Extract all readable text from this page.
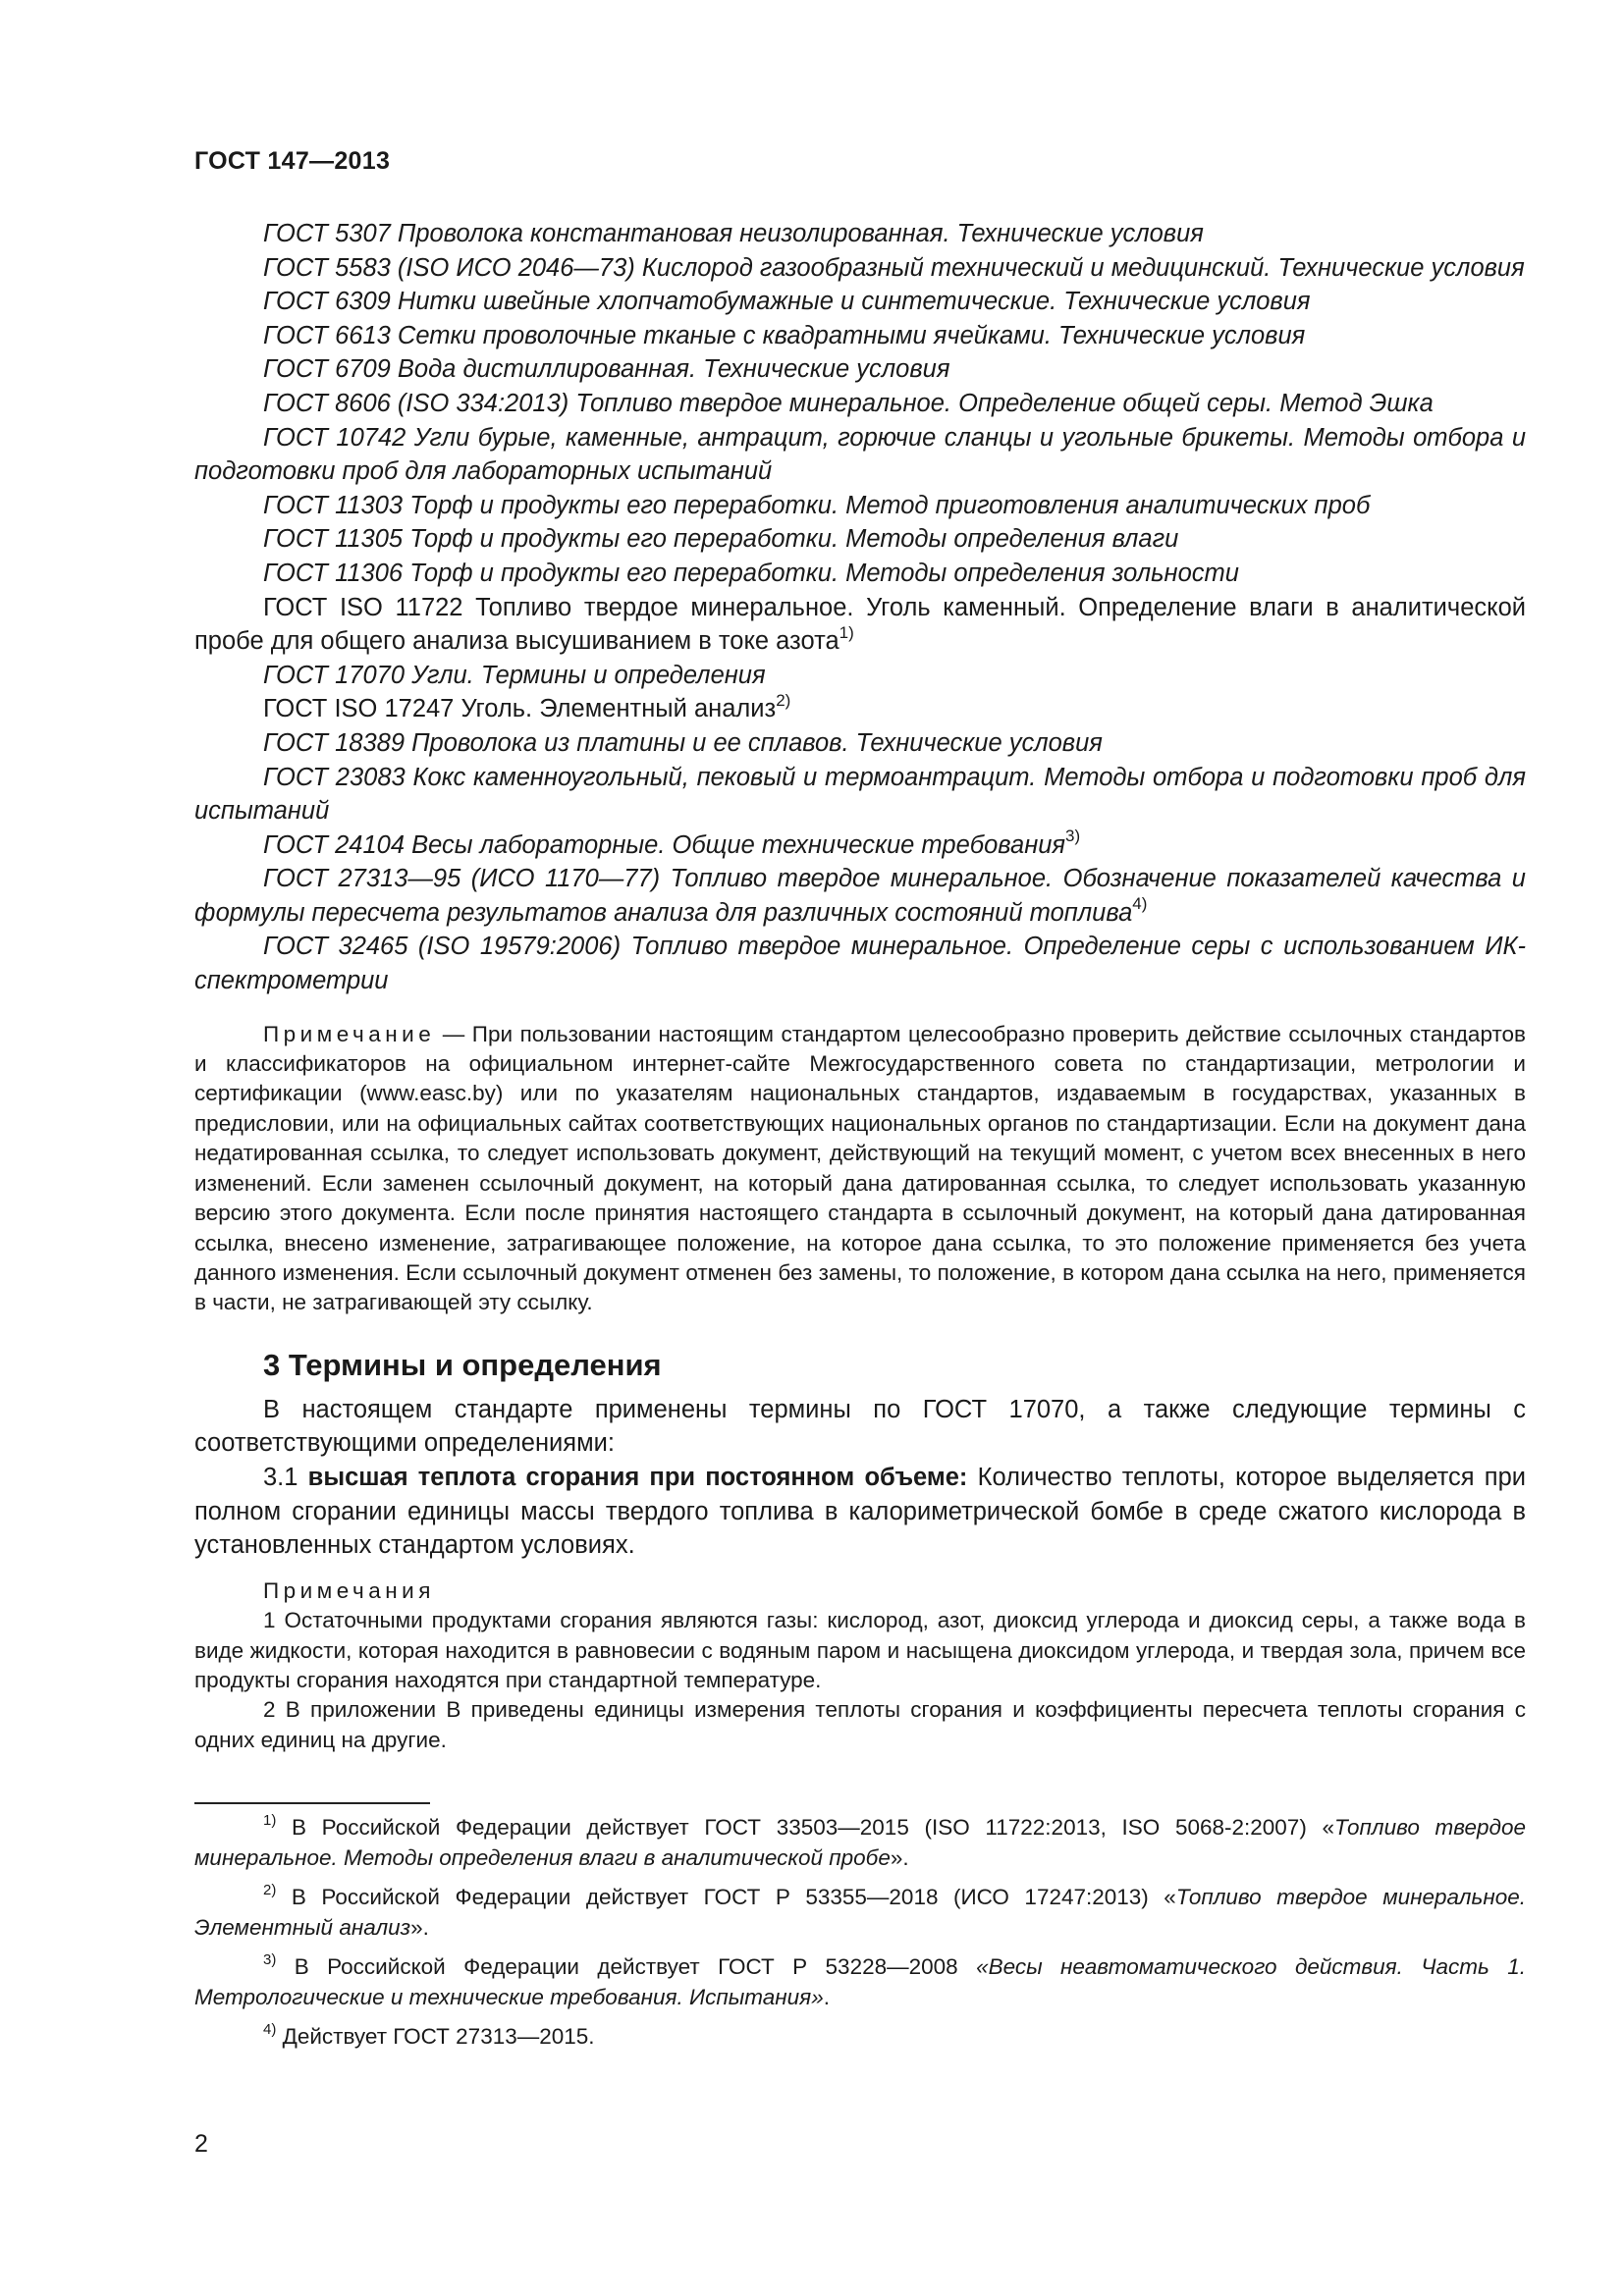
ГОСТ 147—2013

ГОСТ 5307 Проволока константановая неизолированная. Технические условия

ГОСТ 5583 (ISO ИСО 2046—73) Кислород газообразный технический и медицинский. Технические условия

ГОСТ 6309 Нитки швейные хлопчатобумажные и синтетические. Технические условия

ГОСТ 6613 Сетки проволочные тканые с квадратными ячейками. Технические условия

ГОСТ 6709 Вода дистиллированная. Технические условия

ГОСТ 8606 (ISO 334:2013) Топливо твердое минеральное. Определение общей серы. Метод Эшка

ГОСТ 10742 Угли бурые, каменные, антрацит, горючие сланцы и угольные брикеты. Методы отбора и подготовки проб для лабораторных испытаний

ГОСТ 11303 Торф и продукты его переработки. Метод приготовления аналитических проб

ГОСТ 11305 Торф и продукты его переработки. Методы определения влаги

ГОСТ 11306 Торф и продукты его переработки. Методы определения зольности

ГОСТ ISO 11722 Топливо твердое минеральное. Уголь каменный. Определение влаги в аналитической пробе для общего анализа высушиванием в токе азота$^{1)}$

ГОСТ 17070 Угли. Термины и определения

ГОСТ ISO 17247 Уголь. Элементный анализ$^{2)}$

ГОСТ 18389 Проволока из платины и ее сплавов. Технические условия

ГОСТ 23083 Кокс каменноугольный, пековый и термоантрацит. Методы отбора и подготовки проб для испытаний

ГОСТ 24104 Весы лабораторные. Общие технические требования$^{3)}$

ГОСТ 27313—95 (ИСО 1170—77) Топливо твердое минеральное. Обозначение показателей качества и формулы пересчета результатов анализа для различных состояний топлива$^{4)}$

ГОСТ 32465 (ISO 19579:2006) Топливо твердое минеральное. Определение серы с использованием ИК-спектрометрии

Примечание — При пользовании настоящим стандартом целесообразно проверить действие ссылочных стандартов и классификаторов на официальном интернет-сайте Межгосударственного совета по стандартизации, метрологии и сертификации (www.easc.by) или по указателям национальных стандартов, издаваемым в государствах, указанных в предисловии, или на официальных сайтах соответствующих национальных органов по стандартизации. Если на документ дана недатированная ссылка, то следует использовать документ, действующий на текущий момент, с учетом всех внесенных в него изменений. Если заменен ссылочный документ, на который дана датированная ссылка, то следует использовать указанную версию этого документа. Если после принятия настоящего стандарта в ссылочный документ, на который дана датированная ссылка, внесено изменение, затрагивающее положение, на которое дана ссылка, то это положение применяется без учета данного изменения. Если ссылочный документ отменен без замены, то положение, в котором дана ссылка на него, применяется в части, не затрагивающей эту ссылку.
3 Термины и определения

В настоящем стандарте применены термины по ГОСТ 17070, а также следующие термины с соответствующими определениями:

3.1 высшая теплота сгорания при постоянном объеме: Количество теплоты, которое выделяется при полном сгорании единицы массы твердого топлива в калориметрической бомбе в среде сжатого кислорода в установленных стандартом условиях.

Примечания

1 Остаточными продуктами сгорания являются газы: кислород, азот, диоксид углерода и диоксид серы, а также вода в виде жидкости, которая находится в равновесии с водяным паром и насыщена диоксидом углерода, и твердая зола, причем все продукты сгорания находятся при стандартной температуре.

2 В приложении В приведены единицы измерения теплоты сгорания и коэффициенты пересчета теплоты сгорания с одних единиц на другие.

$^{1)}$ В Российской Федерации действует ГОСТ 33503—2015 (ISO 11722:2013, ISO 5068-2:2007) «Топливо твердое минеральное. Методы определения влаги в аналитической пробе».

$^{2)}$ В Российской Федерации действует ГОСТ Р 53355—2018 (ИСО 17247:2013) «Топливо твердое минеральное. Элементный анализ».

$^{3)}$ В Российской Федерации действует ГОСТ Р 53228—2008 «Весы неавтоматического действия. Часть 1. Метрологические и технические требования. Испытания».

$^{4)}$ Действует ГОСТ 27313—2015.

2
